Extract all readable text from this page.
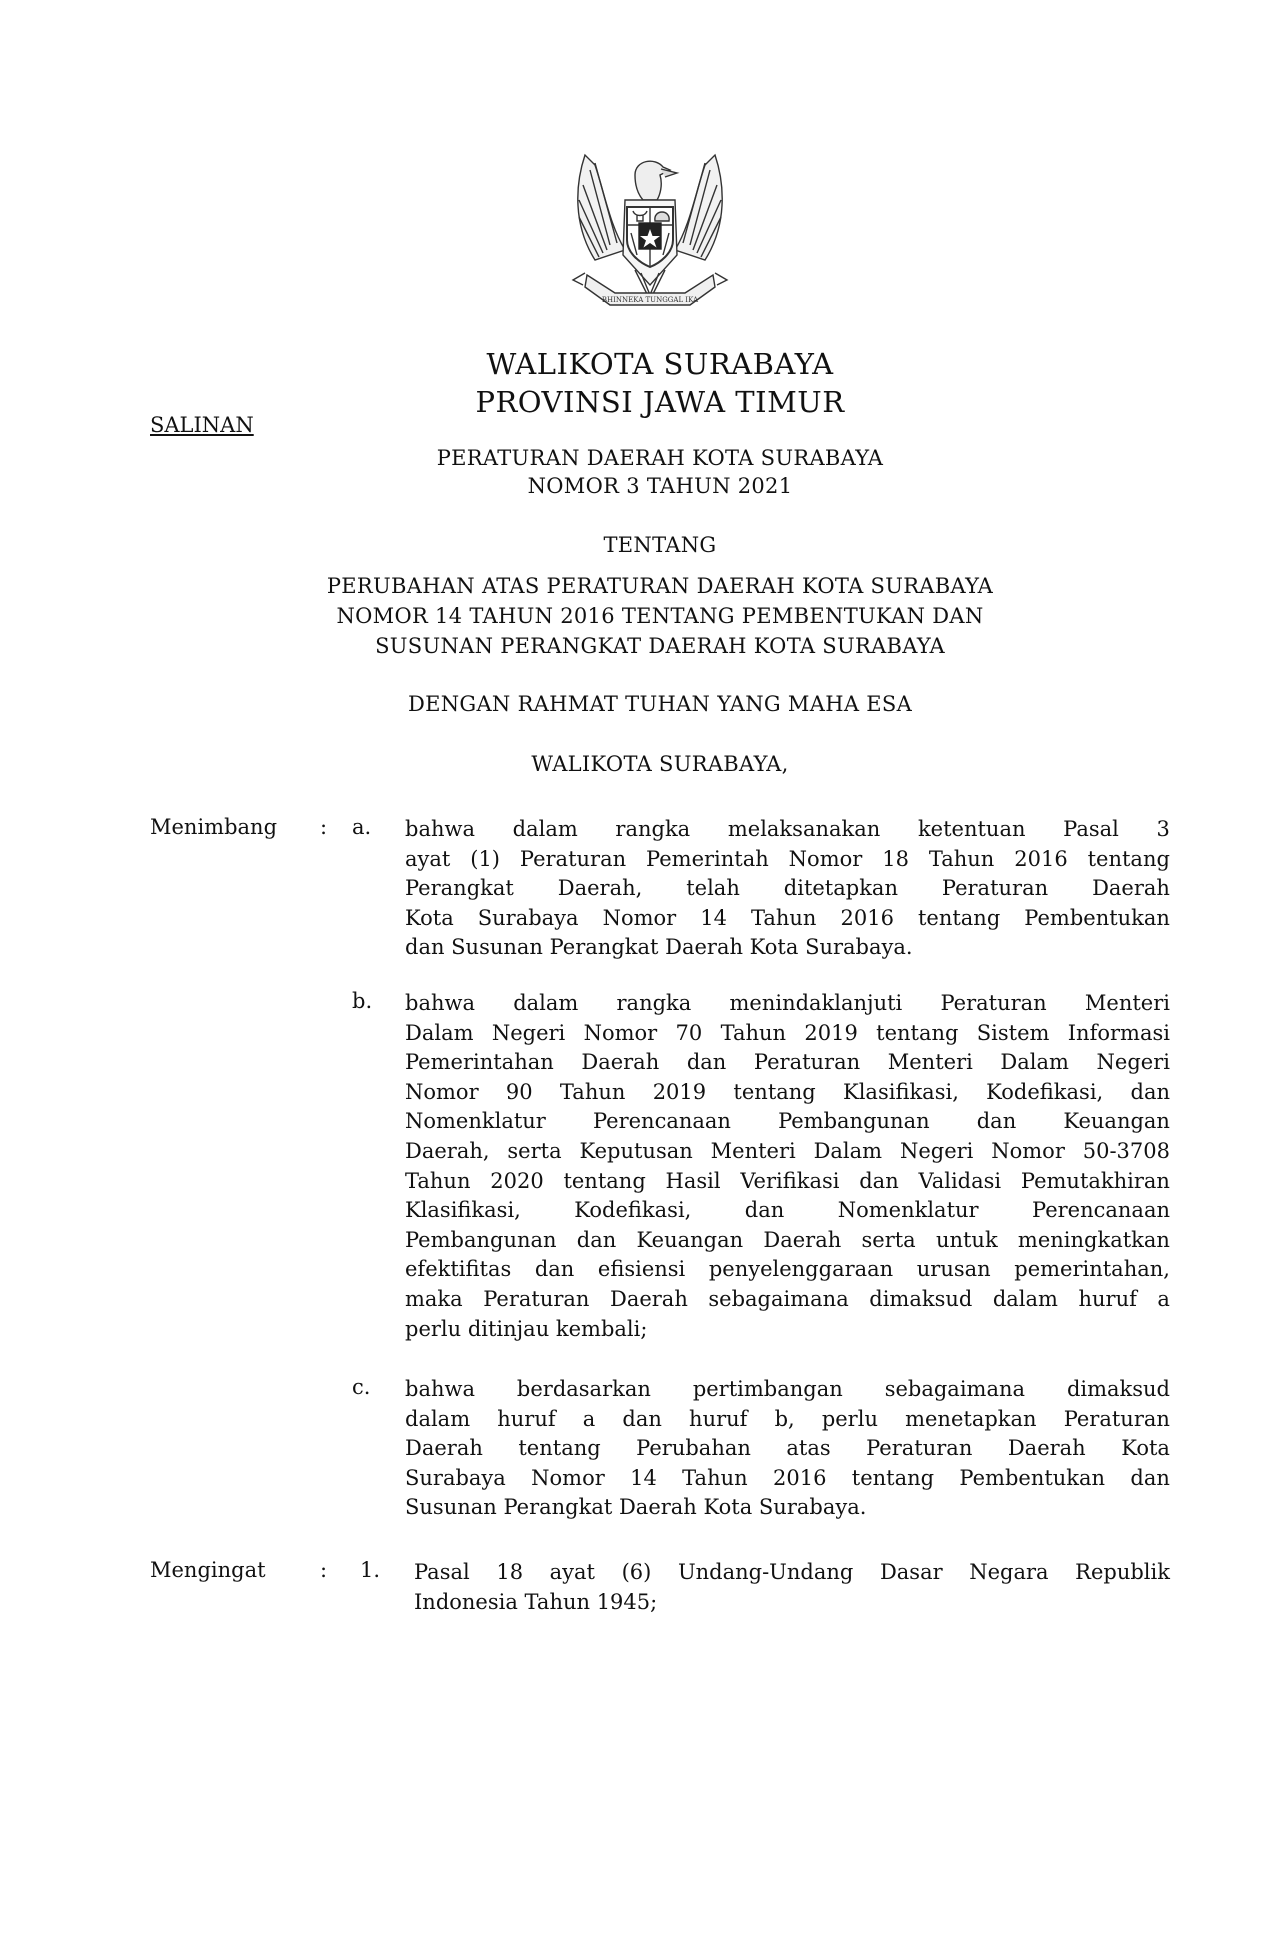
BHINNEKA TUNGGAL IKA
SALINAN
WALIKOTA SURABAYA
PROVINSI JAWA TIMUR
PERATURAN DAERAH KOTA SURABAYA
NOMOR 3 TAHUN 2021
TENTANG
PERUBAHAN ATAS PERATURAN DAERAH KOTA SURABAYA
NOMOR 14 TAHUN 2016 TENTANG PEMBENTUKAN DAN
SUSUNAN PERANGKAT DAERAH KOTA SURABAYA
DENGAN RAHMAT TUHAN YANG MAHA ESA
WALIKOTA SURABAYA,
Menimbang : a. bahwa dalam rangka melaksanakan ketentuan Pasal 3
ayat (1) Peraturan Pemerintah Nomor 18 Tahun 2016 tentang
Perangkat Daerah, telah ditetapkan Peraturan Daerah
Kota Surabaya Nomor 14 Tahun 2016 tentang Pembentukan
dan Susunan Perangkat Daerah Kota Surabaya.
b. bahwa dalam rangka menindaklanjuti Peraturan Menteri
Dalam Negeri Nomor 70 Tahun 2019 tentang Sistem Informasi
Pemerintahan Daerah dan Peraturan Menteri Dalam Negeri
Nomor 90 Tahun 2019 tentang Klasifikasi, Kodefikasi, dan
Nomenklatur Perencanaan Pembangunan dan Keuangan
Daerah, serta Keputusan Menteri Dalam Negeri Nomor 50-3708
Tahun 2020 tentang Hasil Verifikasi dan Validasi Pemutakhiran
Klasifikasi,	Kodefikasi,	dan	Nomenklatur	Perencanaan
Pembangunan dan Keuangan Daerah serta untuk meningkatkan
efektifitas dan efisiensi penyelenggaraan urusan pemerintahan,
maka Peraturan Daerah sebagaimana dimaksud dalam huruf a
perlu ditinjau kembali;
c. bahwa berdasarkan pertimbangan sebagaimana dimaksud
dalam huruf a dan huruf b, perlu menetapkan Peraturan
Daerah tentang Perubahan atas Peraturan Daerah Kota
Surabaya Nomor 14 Tahun 2016 tentang Pembentukan dan
Susunan Perangkat Daerah Kota Surabaya.
Mengingat	: 1. Pasal 18 ayat (6) Undang-Undang Dasar Negara Republik
Indonesia Tahun 1945;
